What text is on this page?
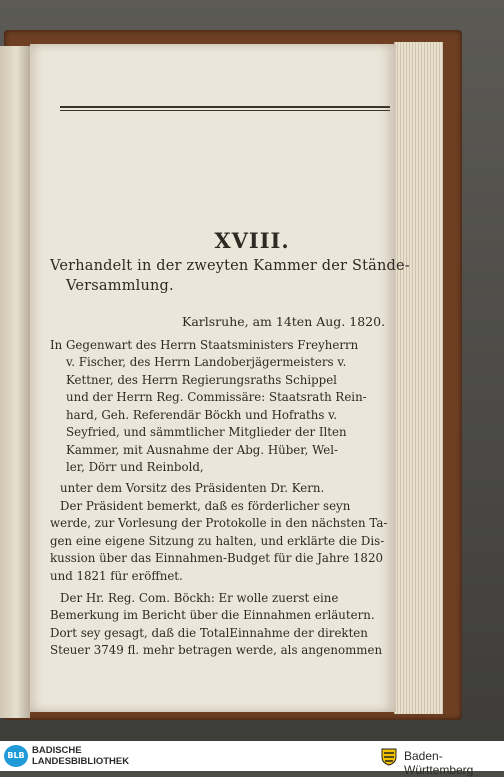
XVIII.
Verhandelt in der zweyten Kammer der Stände-
Versammlung.
Karlsruhe, am 14ten Aug. 1820.
In Gegenwart des Herrn Staatsministers Freyherrn
v. Fischer, des Herrn Landoberjägermeisters v.
Kettner, des Herrn Regierungsraths Schippel
und der Herrn Reg. Commissäre: Staatsrath Rein-
hard, Geh. Referendär Böckh und Hofraths v.
Seyfried, und sämmtlicher Mitglieder der Ilten
Kammer, mit Ausnahme der Abg. Hüber, Wel-
ler, Dörr und Reinbold,
unter dem Vorsitz des Präsidenten Dr. Kern.
Der Präsident bemerkt, daß es förderlicher seyn
werde, zur Vorlesung der Protokolle in den nächsten Ta-
gen eine eigene Sitzung zu halten, und erklärte die Dis-
kussion über das Einnahmen-Budget für die Jahre 1820
und 1821 für eröffnet.
Der Hr. Reg. Com. Böckh: Er wolle zuerst eine
Bemerkung im Bericht über die Einnahmen erläutern.
Dort sey gesagt, daß die TotalEinnahme der direkten
Steuer 3749 fl. mehr betragen werde, als angenommen
BLB BADISCHE
LANDESBIBLIOTHEK	Baden-Württemberg
